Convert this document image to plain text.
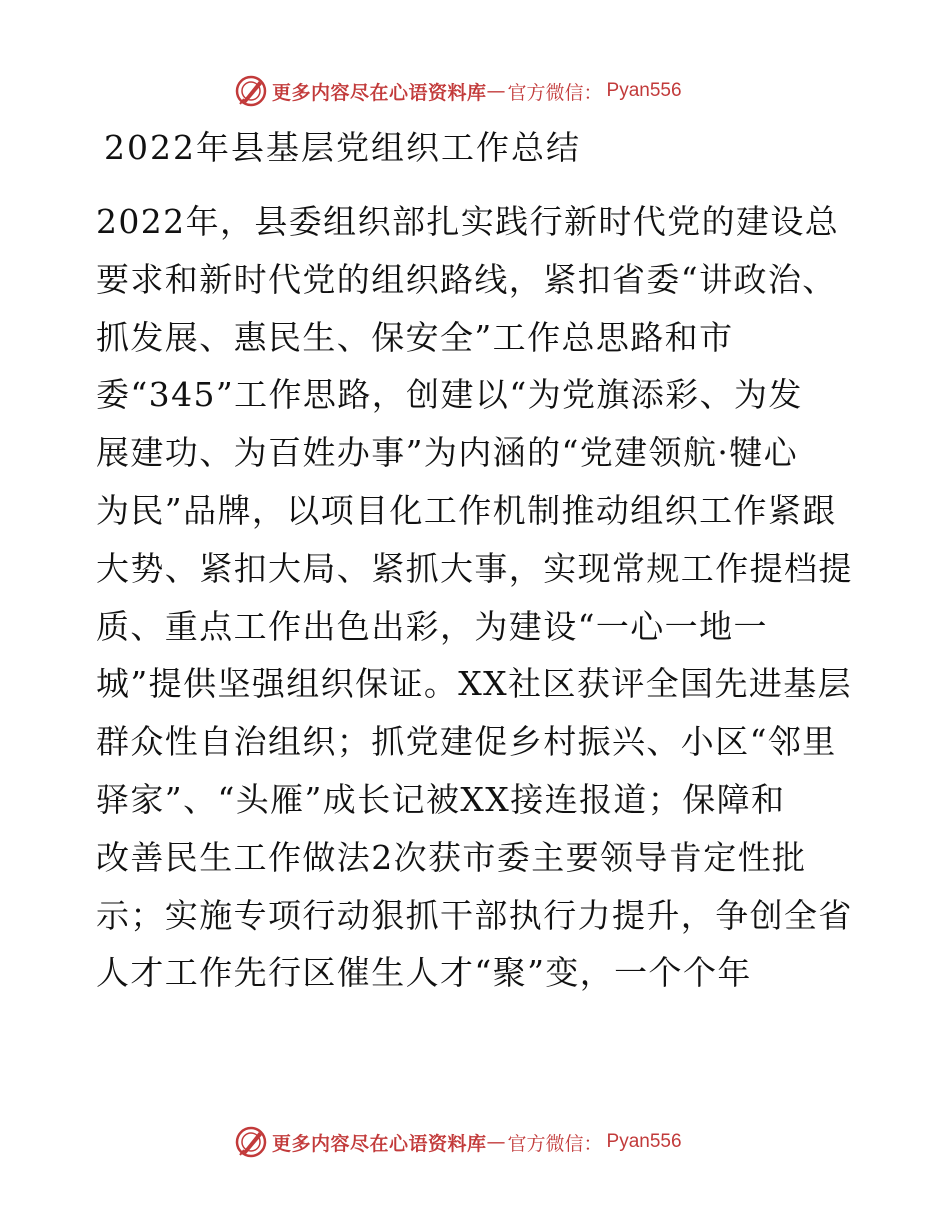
更多内容尽在心语资料库 — 官方微信： Pyan556
2022年县基层党组织工作总结
2022年，县委组织部扎实践行新时代党的建设总
要求和新时代党的组织路线，紧扣省委“讲政治、
抓发展、惠民生、保安全”工作总思路和市
委“345”工作思路，创建以“为党旗添彩、为发
展建功、为百姓办事”为内涵的“党建领航·犍心
为民”品牌，以项目化工作机制推动组织工作紧跟
大势、紧扣大局、紧抓大事，实现常规工作提档提
质、重点工作出色出彩，为建设“一心一地一
城”提供坚强组织保证。XX社区获评全国先进基层
群众性自治组织；抓党建促乡村振兴、小区“邻里
驿家”、“头雁”成长记被XX接连报道；保障和
改善民生工作做法2次获市委主要领导肯定性批
示；实施专项行动狠抓干部执行力提升，争创全省
人才工作先行区催生人才“聚”变，一个个年
更多内容尽在心语资料库 — 官方微信： Pyan556
